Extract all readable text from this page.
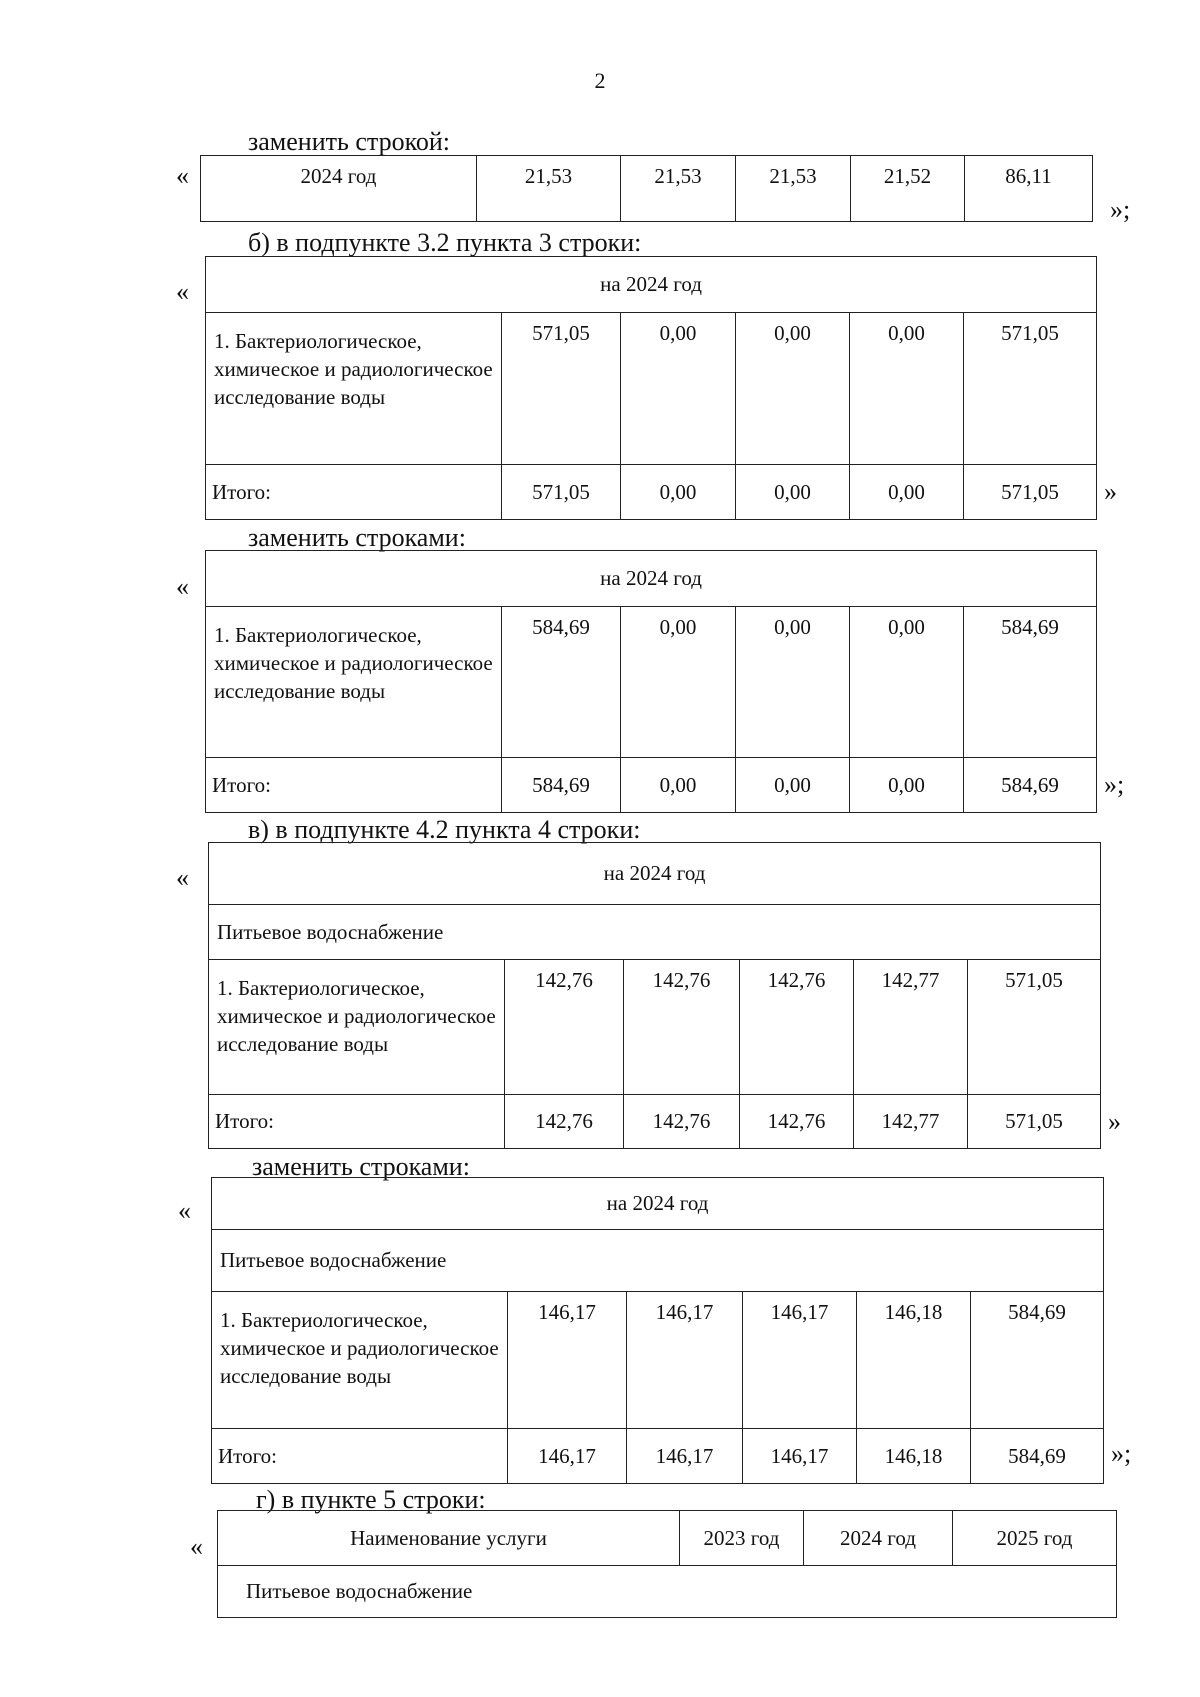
2
заменить строкой:
«	2024 год	21,53	21,53	21,53	21,52	86,11
»;
б) в подпункте 3.2 пункта 3 строки:
«	на 2024 год					
1. Бактериологическое, химическое и радиологическое исследование воды	571,05	0,00	0,00	0,00	571,05
Итого:	571,05	0,00	0,00	0,00	571,05 »
заменить строками:
«	на 2024 год					
1. Бактериологическое, химическое и радиологическое исследование воды	584,69	0,00	0,00	0,00	584,69
Итого:	584,69	0,00	0,00	0,00	584,69 »;
в) в подпункте 4.2 пункта 4 строки:
«	на 2024 год					
Питьевое водоснабжение					
1. Бактериологическое, химическое и радиологическое исследование воды	142,76	142,76	142,76	142,77	571,05
Итого:	142,76	142,76	142,76	142,77	571,05 »
заменить строками:
«	на 2024 год					
Питьевое водоснабжение					
1. Бактериологическое, химическое и радиологическое исследование воды	146,17	146,17	146,17	146,18	584,69
Итого:	146,17	146,17	146,17	146,18	584,69 »;
г) в пункте 5 строки:
«	Наименование услуги	2023 год	2024 год	2025 год
Питьевое водоснабжение
